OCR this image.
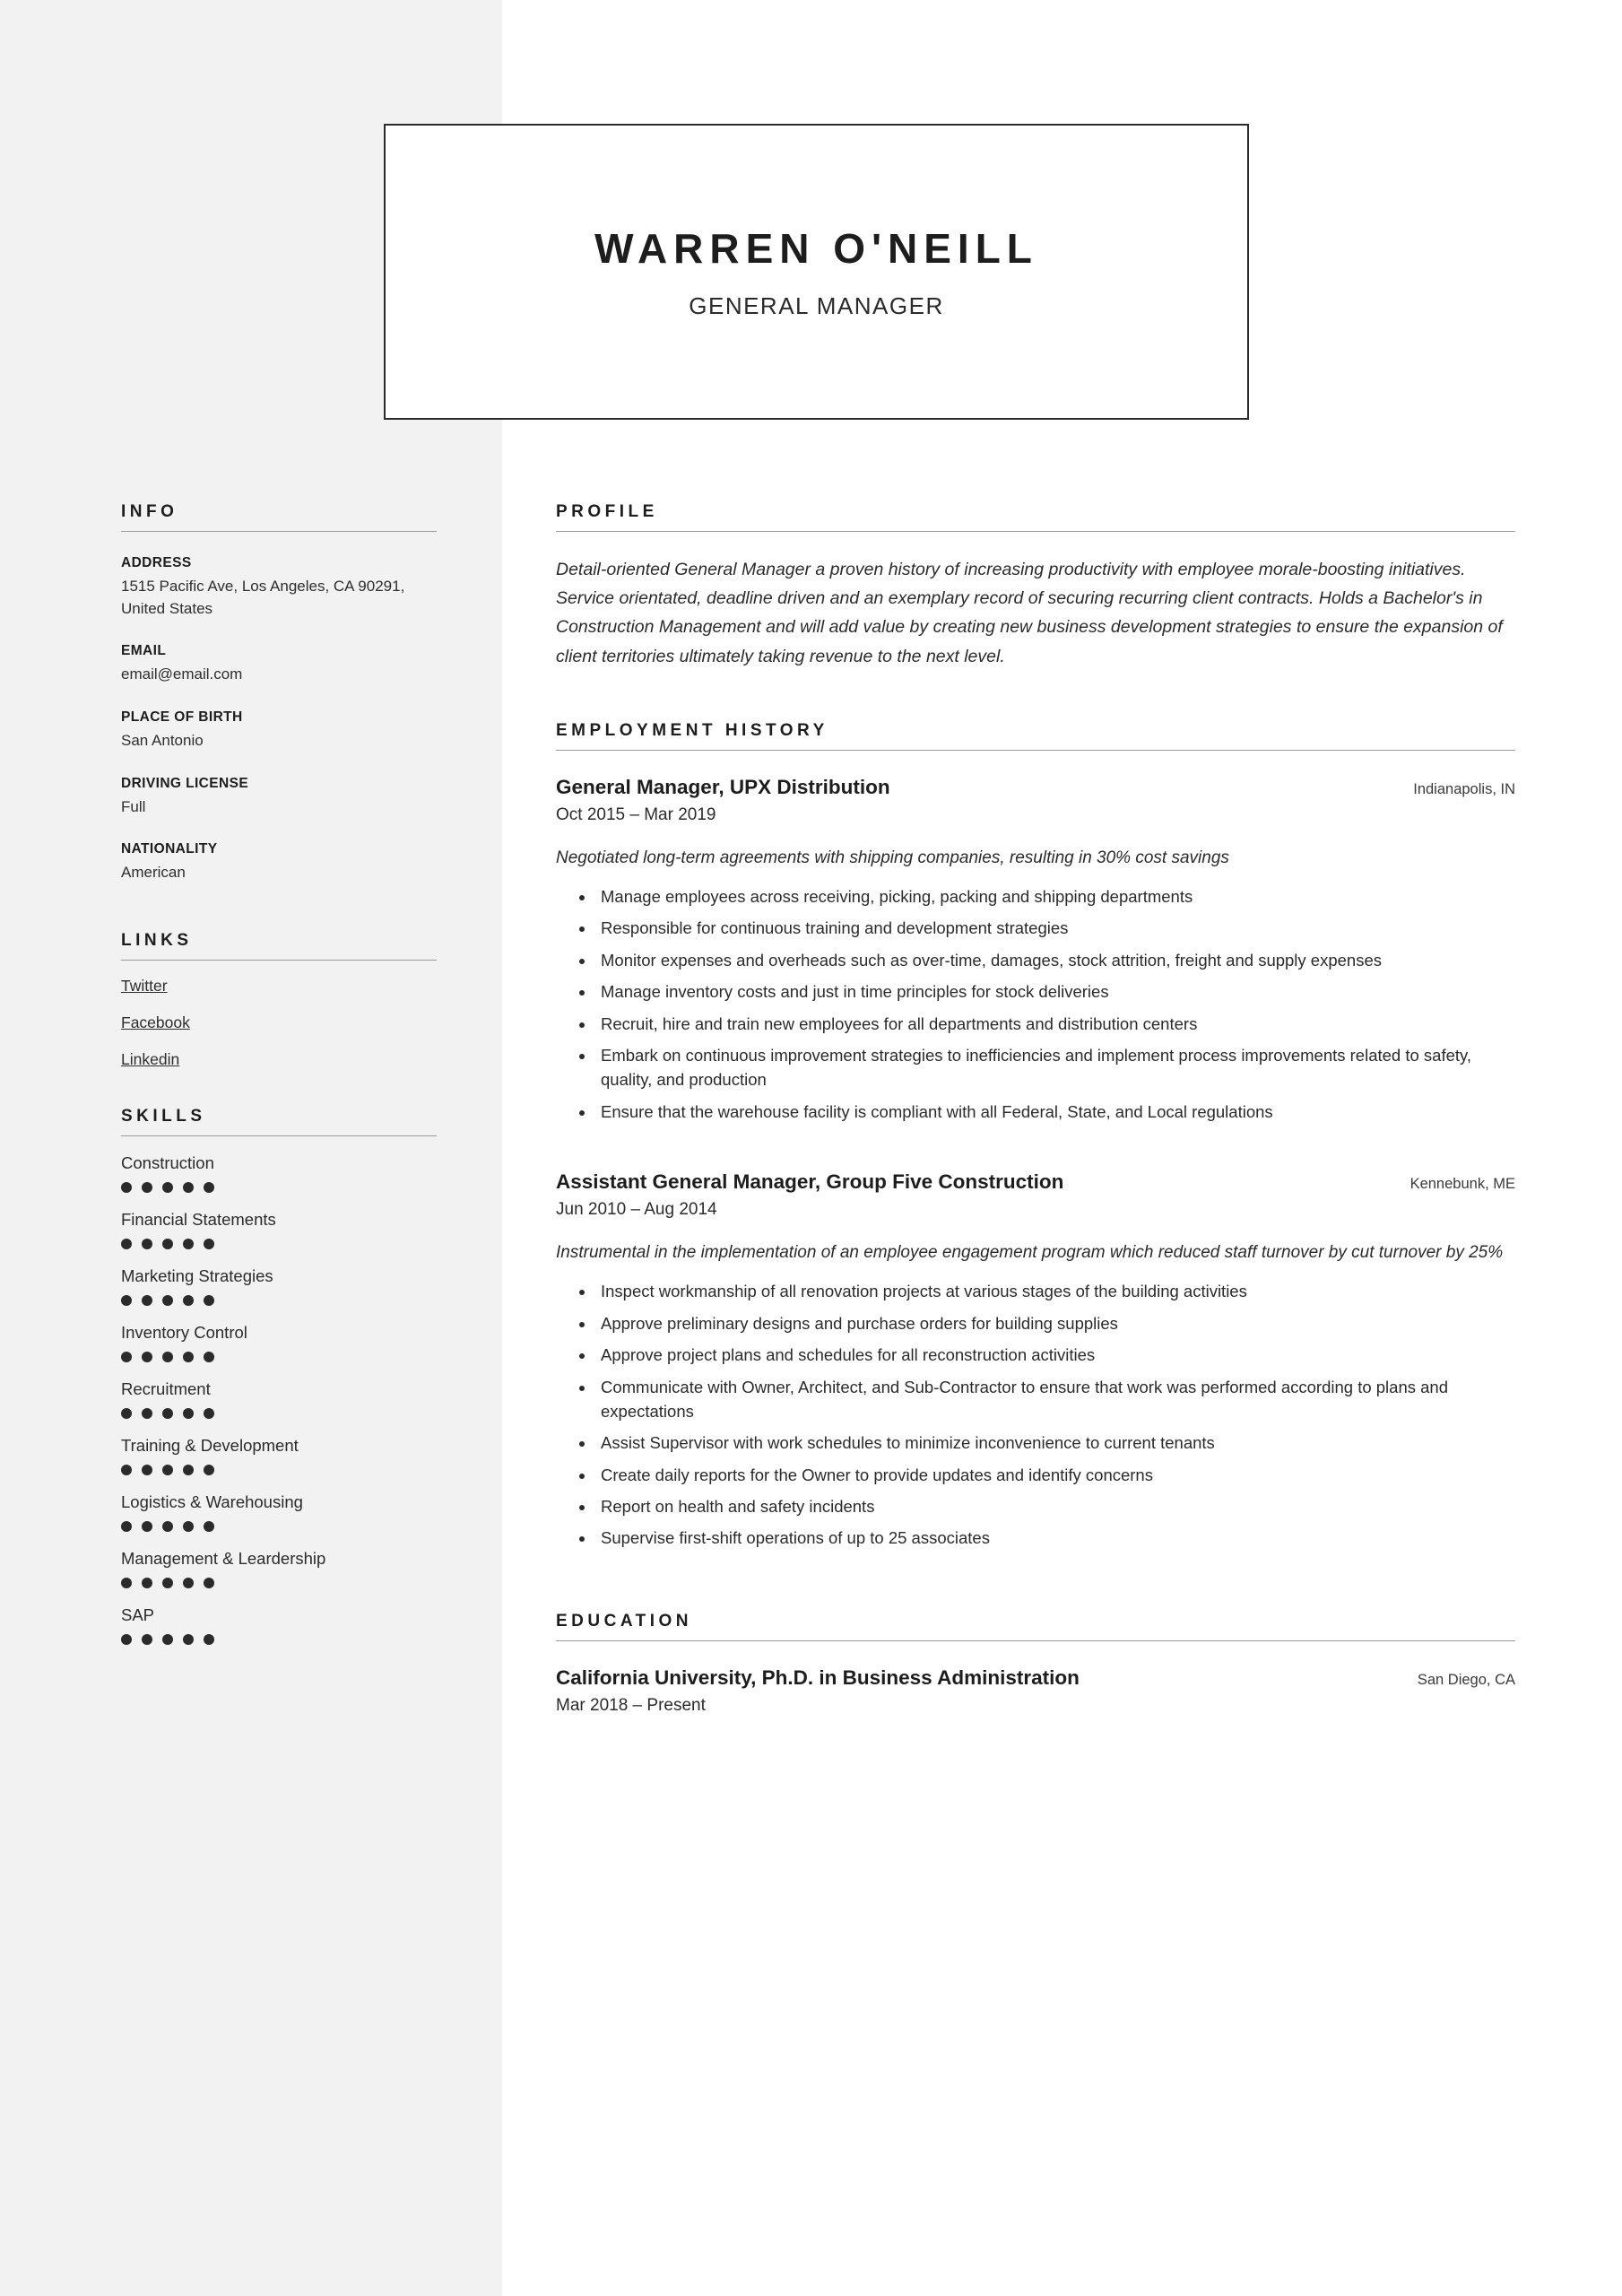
WARREN O'NEILL
GENERAL MANAGER
INFO
ADDRESS
1515 Pacific Ave, Los Angeles, CA 90291, United States
EMAIL
email@email.com
PLACE OF BIRTH
San Antonio
DRIVING LICENSE
Full
NATIONALITY
American
LINKS
Twitter
Facebook
Linkedin
SKILLS
Construction
Financial Statements
Marketing Strategies
Inventory Control
Recruitment
Training & Development
Logistics & Warehousing
Management & Leardership
SAP
PROFILE
Detail-oriented General Manager a proven history of increasing productivity with employee morale-boosting initiatives. Service orientated, deadline driven and an exemplary record of securing recurring client contracts. Holds a Bachelor's in Construction Management and will add value by creating new business development strategies to ensure the expansion of client territories ultimately taking revenue to the next level.
EMPLOYMENT HISTORY
General Manager, UPX Distribution	Indianapolis, IN
Oct 2015 – Mar 2019
Negotiated long-term agreements with shipping companies, resulting in 30% cost savings
• Manage employees across receiving, picking, packing and shipping departments
• Responsible for continuous training and development strategies
• Monitor expenses and overheads such as over-time, damages, stock attrition, freight and supply expenses
• Manage inventory costs and just in time principles for stock deliveries
• Recruit, hire and train new employees for all departments and distribution centers
• Embark on continuous improvement strategies to inefficiencies and implement process improvements related to safety, quality, and production
• Ensure that the warehouse facility is compliant with all Federal, State, and Local regulations
Assistant General Manager, Group Five Construction	Kennebunk, ME
Jun 2010 – Aug 2014
Instrumental in the implementation of an employee engagement program which reduced staff turnover by cut turnover by 25%
• Inspect workmanship of all renovation projects at various stages of the building activities
• Approve preliminary designs and purchase orders for building supplies
• Approve project plans and schedules for all reconstruction activities
• Communicate with Owner, Architect, and Sub-Contractor to ensure that work was performed according to plans and expectations
• Assist Supervisor with work schedules to minimize inconvenience to current tenants
• Create daily reports for the Owner to provide updates and identify concerns
• Report on health and safety incidents
• Supervise first-shift operations of up to 25 associates
EDUCATION
California University, Ph.D. in Business Administration	San Diego, CA
Mar 2018 – Present
